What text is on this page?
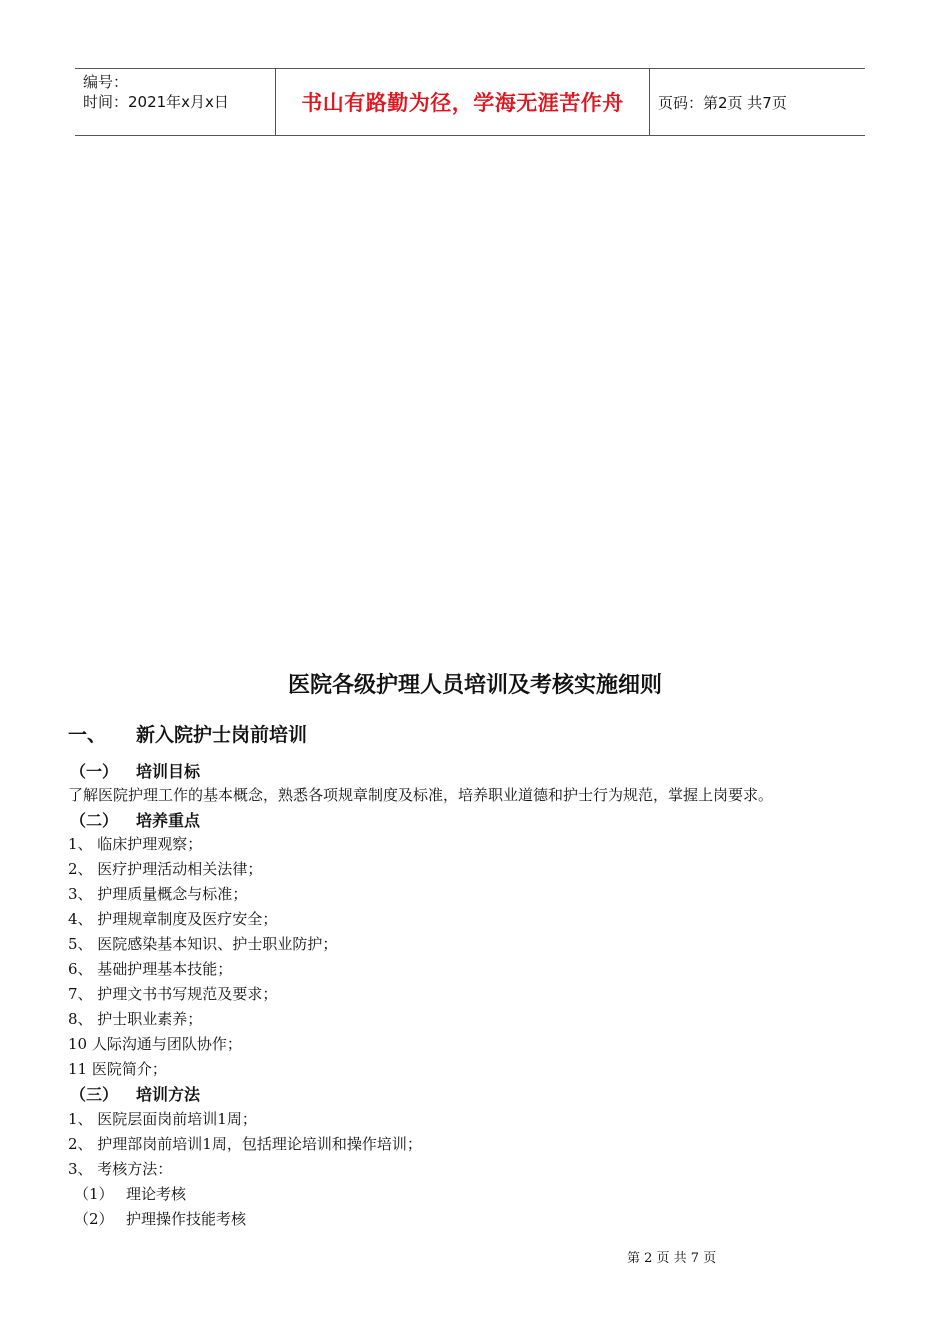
编号：
时间：2021年x月x日	书山有路勤为径，学海无涯苦作舟	页码：第2页 共7页
医院各级护理人员培训及考核实施细则
一、 新入院护士岗前培训
（一） 培训目标
了解医院护理工作的基本概念，熟悉各项规章制度及标准，培养职业道德和护士行为规范，掌握上岗要求。
（二） 培养重点
1、 临床护理观察；
2、 医疗护理活动相关法律；
3、 护理质量概念与标准；
4、 护理规章制度及医疗安全；
5、 医院感染基本知识、护士职业防护；
6、 基础护理基本技能；
7、 护理文书书写规范及要求；
8、 护士职业素养；
10 人际沟通与团队协作；
11 医院简介；
（三） 培训方法
1、 医院层面岗前培训1周；
2、 护理部岗前培训1周，包括理论培训和操作培训；
3、 考核方法：
（1） 理论考核
（2） 护理操作技能考核
第 2 页 共 7 页
